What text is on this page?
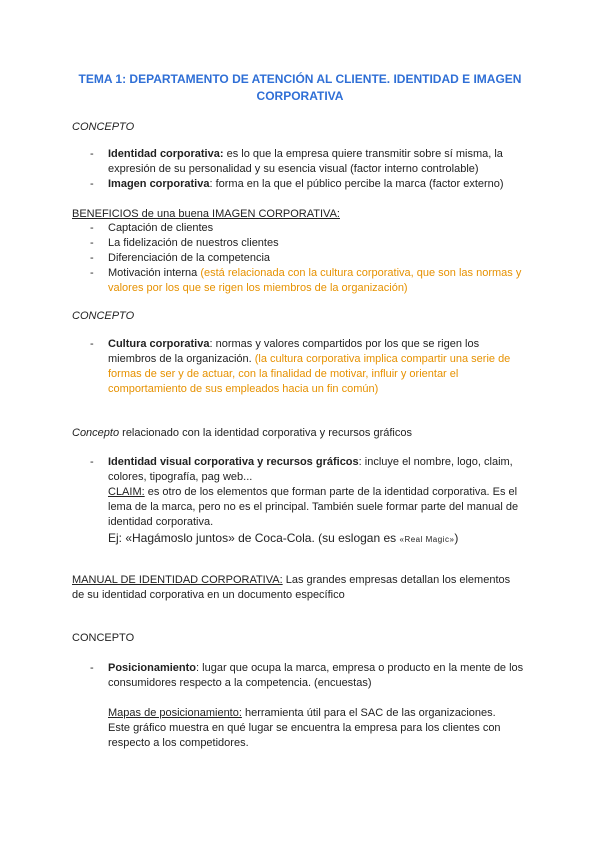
TEMA 1: DEPARTAMENTO DE ATENCIÓN AL CLIENTE. IDENTIDAD E IMAGEN
CORPORATIVA
CONCEPTO
- Identidad corporativa: es lo que la empresa quiere transmitir sobre sí misma, la
expresión de su personalidad y su esencia visual (factor interno controlable)
- Imagen corporativa: forma en la que el público percibe la marca (factor externo)
BENEFICIOS de una buena IMAGEN CORPORATIVA:
- Captación de clientes
- La fidelización de nuestros clientes
- Diferenciación de la competencia
- Motivación interna (está relacionada con la cultura corporativa, que son las normas y
valores por los que se rigen los miembros de la organización)
CONCEPTO
- Cultura corporativa: normas y valores compartidos por los que se rigen los
miembros de la organización. (la cultura corporativa implica compartir una serie de
formas de ser y de actuar, con la finalidad de motivar, influir y orientar el
comportamiento de sus empleados hacia un fin común)
Concepto relacionado con la identidad corporativa y recursos gráficos
- Identidad visual corporativa y recursos gráficos: incluye el nombre, logo, claim,
colores, tipografía, pag web...
CLAIM: es otro de los elementos que forman parte de la identidad corporativa. Es el
lema de la marca, pero no es el principal. También suele formar parte del manual de
identidad corporativa.
Ej: «Hagámoslo juntos» de Coca-Cola. (su eslogan es «Real Magic»)
MANUAL DE IDENTIDAD CORPORATIVA: Las grandes empresas detallan los elementos
de su identidad corporativa en un documento específico
CONCEPTO
- Posicionamiento: lugar que ocupa la marca, empresa o producto en la mente de los
consumidores respecto a la competencia. (encuestas)
Mapas de posicionamiento: herramienta útil para el SAC de las organizaciones.
Este gráfico muestra en qué lugar se encuentra la empresa para los clientes con
respecto a los competidores.
